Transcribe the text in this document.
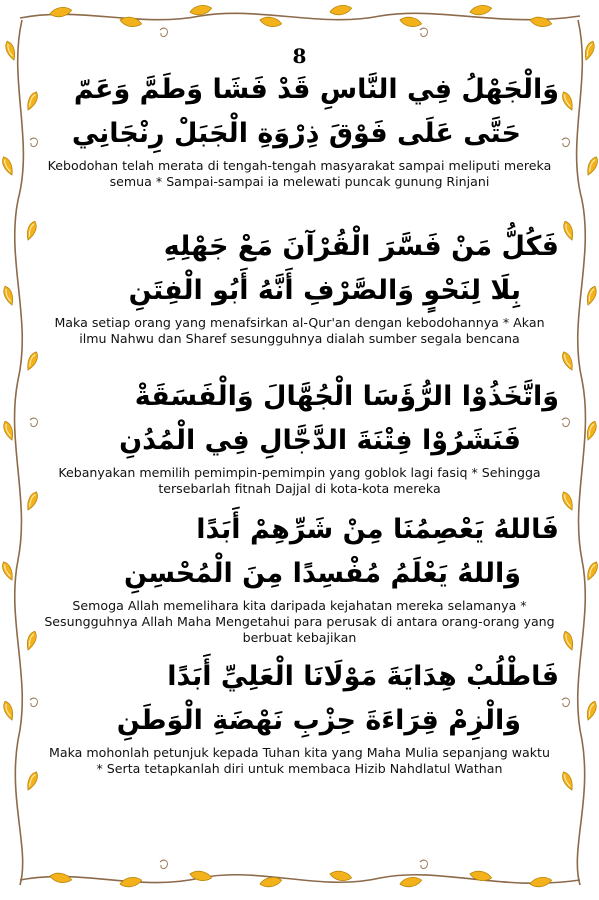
8
وَالْجَهْلُ فِي النَّاسِ قَدْ فَشَا وَطَمَّ وَعَمّ
حَتَّى عَلَى فَوْقَ ذِرْوَةِ الْجَبَلْ رِنْجَانِي
Kebodohan telah merata di tengah-tengah masyarakat sampai meliputi mereka semua * Sampai-sampai ia melewati puncak gunung Rinjani
فَكُلُّ مَنْ فَسَّرَ الْقُرْآنَ مَعْ جَهْلِهِ
بِلَا لِنَحْوٍ وَالصَّرْفِ أَنَّهُ أَبُو الْفِتَنِ
Maka setiap orang yang menafsirkan al-Qur'an dengan kebodohannya * Akan ilmu Nahwu dan Sharef sesungguhnya dialah sumber segala bencana
وَاتَّخَذُوْا الرُّؤَسَا الْجُهَّالَ وَالْفَسَقَةْ
فَنَشَرُوْا فِتْنَةَ الدَّجَّالِ فِي الْمُدُنِ
Kebanyakan memilih pemimpin-pemimpin yang goblok lagi fasiq * Sehingga tersebarlah fitnah Dajjal di kota-kota mereka
فَاللهُ يَعْصِمُنَا مِنْ شَرِّهِمْ أَبَدًا
وَاللهُ يَعْلَمُ مُفْسِدًا مِنَ الْمُحْسِنِ
Semoga Allah memelihara kita daripada kejahatan mereka selamanya * Sesungguhnya Allah Maha Mengetahui para perusak di antara orang-orang yang berbuat kebajikan
فَاطْلُبْ هِدَايَةَ مَوْلَانَا الْعَلِيِّ أَبَدًا
وَالْزِمْ قِرَاءَةَ حِزْبِ نَهْضَةِ الْوَطَنِ
Maka mohonlah petunjuk kepada Tuhan kita yang Maha Mulia sepanjang waktu * Serta tetapkanlah diri untuk membaca Hizib Nahdlatul Wathan
